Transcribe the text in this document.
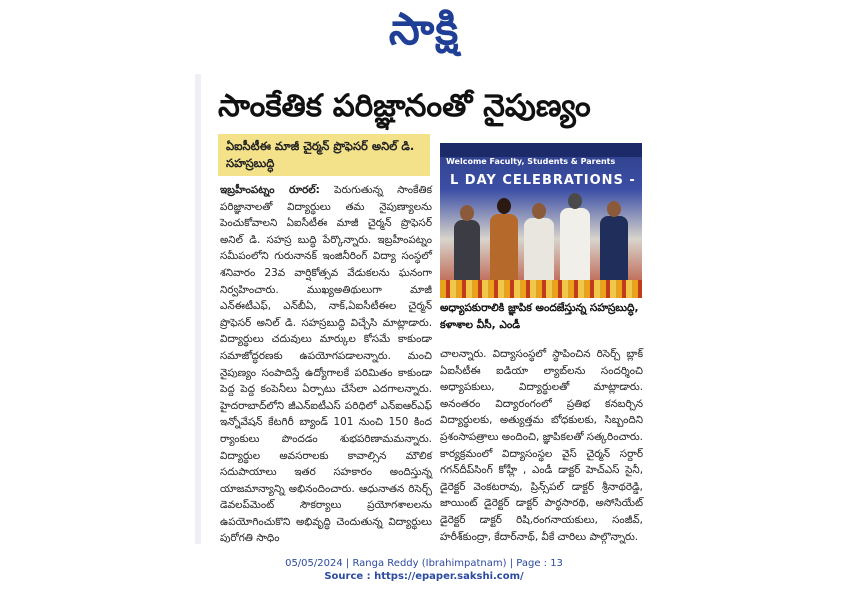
సాక్షి
సాంకేతిక పరిజ్ఞానంతో నైపుణ్యం
ఏఐసీటీఈ మాజీ చైర్మన్ ప్రొఫెసర్ అనిల్ డి. సహస్రబుద్ధి

ఇబ్రహీంపట్నం రూరల్: పెరుగుతున్న సాంకేతిక పరిజ్ఞానాలతో విద్యార్థులు తమ నైపుణ్యాలను పెంచుకోవాలని ఏఐసీటీఈ మాజీ చైర్మన్ ప్రొఫెసర్ అనిల్ డి. సహస్ర బుద్ధి పేర్కొన్నారు. ఇబ్రహీంపట్నం సమీపంలోని గురునానక్ ఇంజినీరింగ్ విద్యా సంస్థలో శనివారం 23వ వార్షికోత్సవ వేడుకలను ఘనంగా నిర్వహించారు. ముఖ్యఅతిథులుగా మాజీ ఎన్‌ఈటీఎఫ్, ఎన్‌బీఏ, నాక్,ఏఐసీటీఈల చైర్మన్ ప్రొఫెసర్ అనిల్ డి. సహస్రబుద్ధి విచ్చేసి మాట్లాడారు. విద్యార్థులు చదువులు మార్కుల కోసమే కాకుండా సమాజోద్ధరణకు ఉపయోగపడాలన్నారు. మంచి నైపుణ్యం సంపాదిస్తే ఉద్యోగాలకే పరిమితం కాకుండా పెద్ద పెద్ద కంపెనీలు ఏర్పాటు చేసేలా ఎదగాలన్నారు. హైదరాబాద్‌లోని జీఎన్‌ఐటీఎస్ పరిధిలో ఎన్‌ఐఆర్‌ఎఫ్ ఇన్నోవేషన్ కేటగిరీ బ్యాండ్ 101 నుంచి 150 కింద ర్యాంకులు పొందడం శుభపరిణామమన్నారు. విద్యార్థుల అవసరాలకు కావాల్సిన మౌలిక సదుపాయాలు ఇతర సహకారం అందిస్తున్న యాజమాన్యాన్ని అభినందించారు. ఆధునాతన రిసెర్చ్ డెవలప్‌మెంట్ సౌకర్యాలు ప్రయోగశాలలను ఉపయోగించుకొని అభివృద్ధి చెందుతున్న విద్యార్థులు పురోగతి సాధిం

Welcome Faculty, Students & Parents
L DAY CELEBRATIONS - K2
అధ్యాపకురాలికి జ్ఞాపిక అందజేస్తున్న సహస్రబుద్ధి, కళాశాల వీసీ, ఎండీ

చాలన్నారు. విద్యాసంస్థలో స్థాపించిన రిసెర్చ్ బ్లాక్ ఏఐసీటీఈ ఐడియా ల్యాబ్‌లను సందర్శించి అధ్యాపకులు, విద్యార్థులతో మాట్లాడారు. అనంతరం విద్యారంగంలో ప్రతిభ కనబర్చిన విద్యార్థులకు, అత్యుత్తమ బోధకులకు, సిబ్బందిని ప్రశంసాపత్రాలు అందించి, జ్ఞాపికలతో సత్కరించారు. కార్యక్రమంలో విద్యాసంస్థల వైస్ చైర్మన్ సర్దార్ గగన్‌దీప్‌సింగ్ కోహ్లీ , ఎండీ డాక్టర్ హెచ్‌ఎస్ సైనీ, డైరెక్టర్ వెంకటరావు, ప్రిన్స్‌పల్ డాక్టర్ శ్రీనాథరెడ్డి, జాయింట్ డైరెక్టర్ డాక్టర్ పార్థసారథి, అసోసియేట్ డైరెక్టర్ డాక్టర్ రిషి,రంగనాయకులు, సంజీవ్, హరీశ్‌కుంద్రా, కేదార్‌నాథ్, వీకే చారిలు పాల్గొన్నారు.

05/05/2024 | Ranga Reddy (Ibrahimpatnam) | Page : 13
Source : https://epaper.sakshi.com/
